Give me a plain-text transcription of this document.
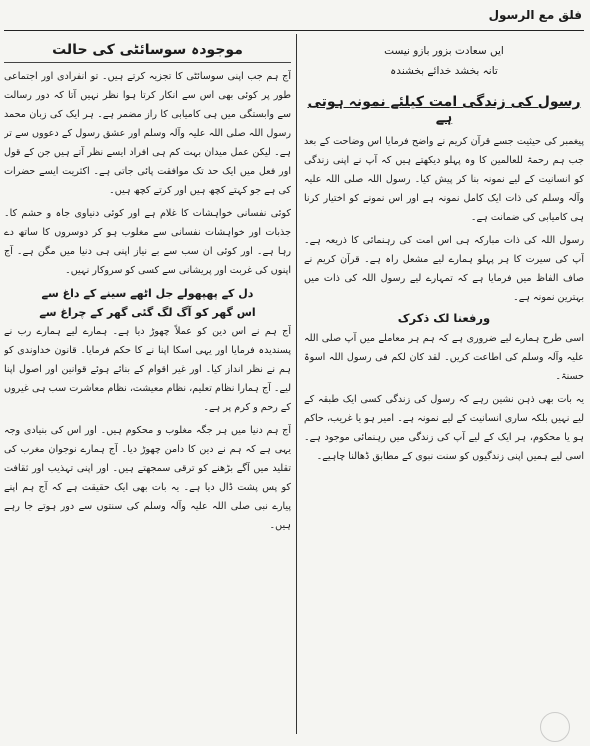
فلق مع الرسول
موجودہ سوسائٹی کی حالت

آج ہم جب اپنی سوسائٹی کا تجزیہ کرتے ہیں۔ تو انفرادی اور اجتماعی طور پر کوئی بھی اس سے انکار کرتا ہوا نظر نہیں آتا کہ دور رسالت سے وابستگی میں ہی کامیابی کا راز مضمر ہے۔ ہر ایک کی زبان محمد رسول اللہ صلی اللہ علیہ وآلہ وسلم اور عشق رسول کے دعووں سے تر ہے۔ لیکن عمل میدان بہت کم ہی افراد ایسے نظر آتے ہیں جن کے قول اور فعل میں ایک حد تک موافقت پائی جاتی ہے۔ اکثریت ایسے حضرات کی ہے جو کہتے کچھ ہیں اور کرتے کچھ ہیں۔

کوئی نفسانی خواہشات کا غلام ہے اور کوئی دنیاوی جاہ و حشم کا۔ جذبات اور خواہشات نفسانی سے مغلوب ہو کر دوسروں کا ساتھ دے رہا ہے۔ اور کوئی ان سب سے بے نیاز اپنی ہی دنیا میں مگن ہے۔ آج اپنوں کی غربت اور پریشانی سے کسی کو سروکار نہیں۔

دل کے پھپھولے جل اٹھے سینے کے داغ سے
اس گھر کو آگ لگ گئی گھر کے چراغ سے

آج ہم نے اس دین کو عملاً چھوڑ دیا ہے۔ ہمارے لیے ہمارے رب نے پسندیدہ فرمایا اور یہی اسکا اپنا نے کا حکم فرمایا۔ قانون خداوندی کو ہم نے نظر انداز کیا۔ اور غیر اقوام کے بنائے ہوئے قوانین اور اصول اپنا لیے۔ آج ہمارا نظام تعلیم، نظام معیشت، نظام معاشرت سب ہی غیروں کے رحم و کرم پر ہے۔

آج ہم دنیا میں ہر جگہ مغلوب و محکوم ہیں۔ اور اس کی بنیادی وجہ یہی ہے کہ ہم نے دین کا دامن چھوڑ دیا۔ آج ہمارے نوجوان مغرب کی تقلید میں آگے بڑھنے کو ترقی سمجھتے ہیں۔ اور اپنی تہذیب اور ثقافت کو پس پشت ڈال دیا ہے۔ یہ بات بھی ایک حقیقت ہے کہ آج ہم اپنے پیارے نبی صلی اللہ علیہ وآلہ وسلم کی سنتوں سے دور ہوتے جا رہے ہیں۔

ایں سعادت بزور بازو نیست
تانہ بخشد خدائے بخشندہ
رسول کی زندگی امت کیلئے نمونہ ہوتی ہے

پیغمبر کی حیثیت جسے قرآن کریم نے واضح فرمایا اس وضاحت کے بعد جب ہم رحمۃ للعالمین کا وہ پہلو دیکھتے ہیں کہ آپ نے اپنی زندگی کو انسانیت کے لیے نمونہ بنا کر پیش کیا۔ رسول اللہ صلی اللہ علیہ وآلہ وسلم کی ذات ایک کامل نمونہ ہے اور اس نمونے کو اختیار کرنا ہی کامیابی کی ضمانت ہے۔

رسول اللہ کی ذات مبارکہ ہی اس امت کی رہنمائی کا ذریعہ ہے۔ آپ کی سیرت کا ہر پہلو ہمارے لیے مشعل راہ ہے۔ قرآن کریم نے صاف الفاظ میں فرمایا ہے کہ تمہارے لیے رسول اللہ کی ذات میں بہترین نمونہ ہے۔

ورفعنا لک ذکرک

اسی طرح ہمارے لیے ضروری ہے کہ ہم ہر معاملے میں آپ صلی اللہ علیہ وآلہ وسلم کی اطاعت کریں۔ لقد کان لکم فی رسول اللہ اسوۃ حسنۃ۔

یہ بات بھی ذہن نشین رہے کہ رسول کی زندگی کسی ایک طبقہ کے لیے نہیں بلکہ ساری انسانیت کے لیے نمونہ ہے۔ امیر ہو یا غریب، حاکم ہو یا محکوم، ہر ایک کے لیے آپ کی زندگی میں رہنمائی موجود ہے۔ اسی لیے ہمیں اپنی زندگیوں کو سنت نبوی کے مطابق ڈھالنا چاہیے۔
